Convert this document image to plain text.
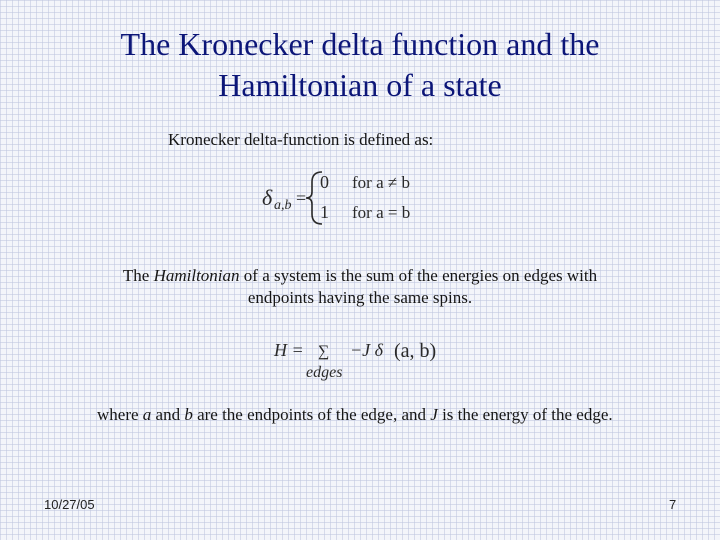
The Kronecker delta function and the
Hamiltonian of a state
Kronecker delta-function is defined as:
δ a,b =
0 for a ≠ b
1 for a = b
The Hamiltonian of a system is the sum of the energies on edges with endpoints having the same spins.
H = ∑
edges
−J δ (a, b)
where a and b are the endpoints of the edge, and J is the energy of the edge.
10/27/05	7
